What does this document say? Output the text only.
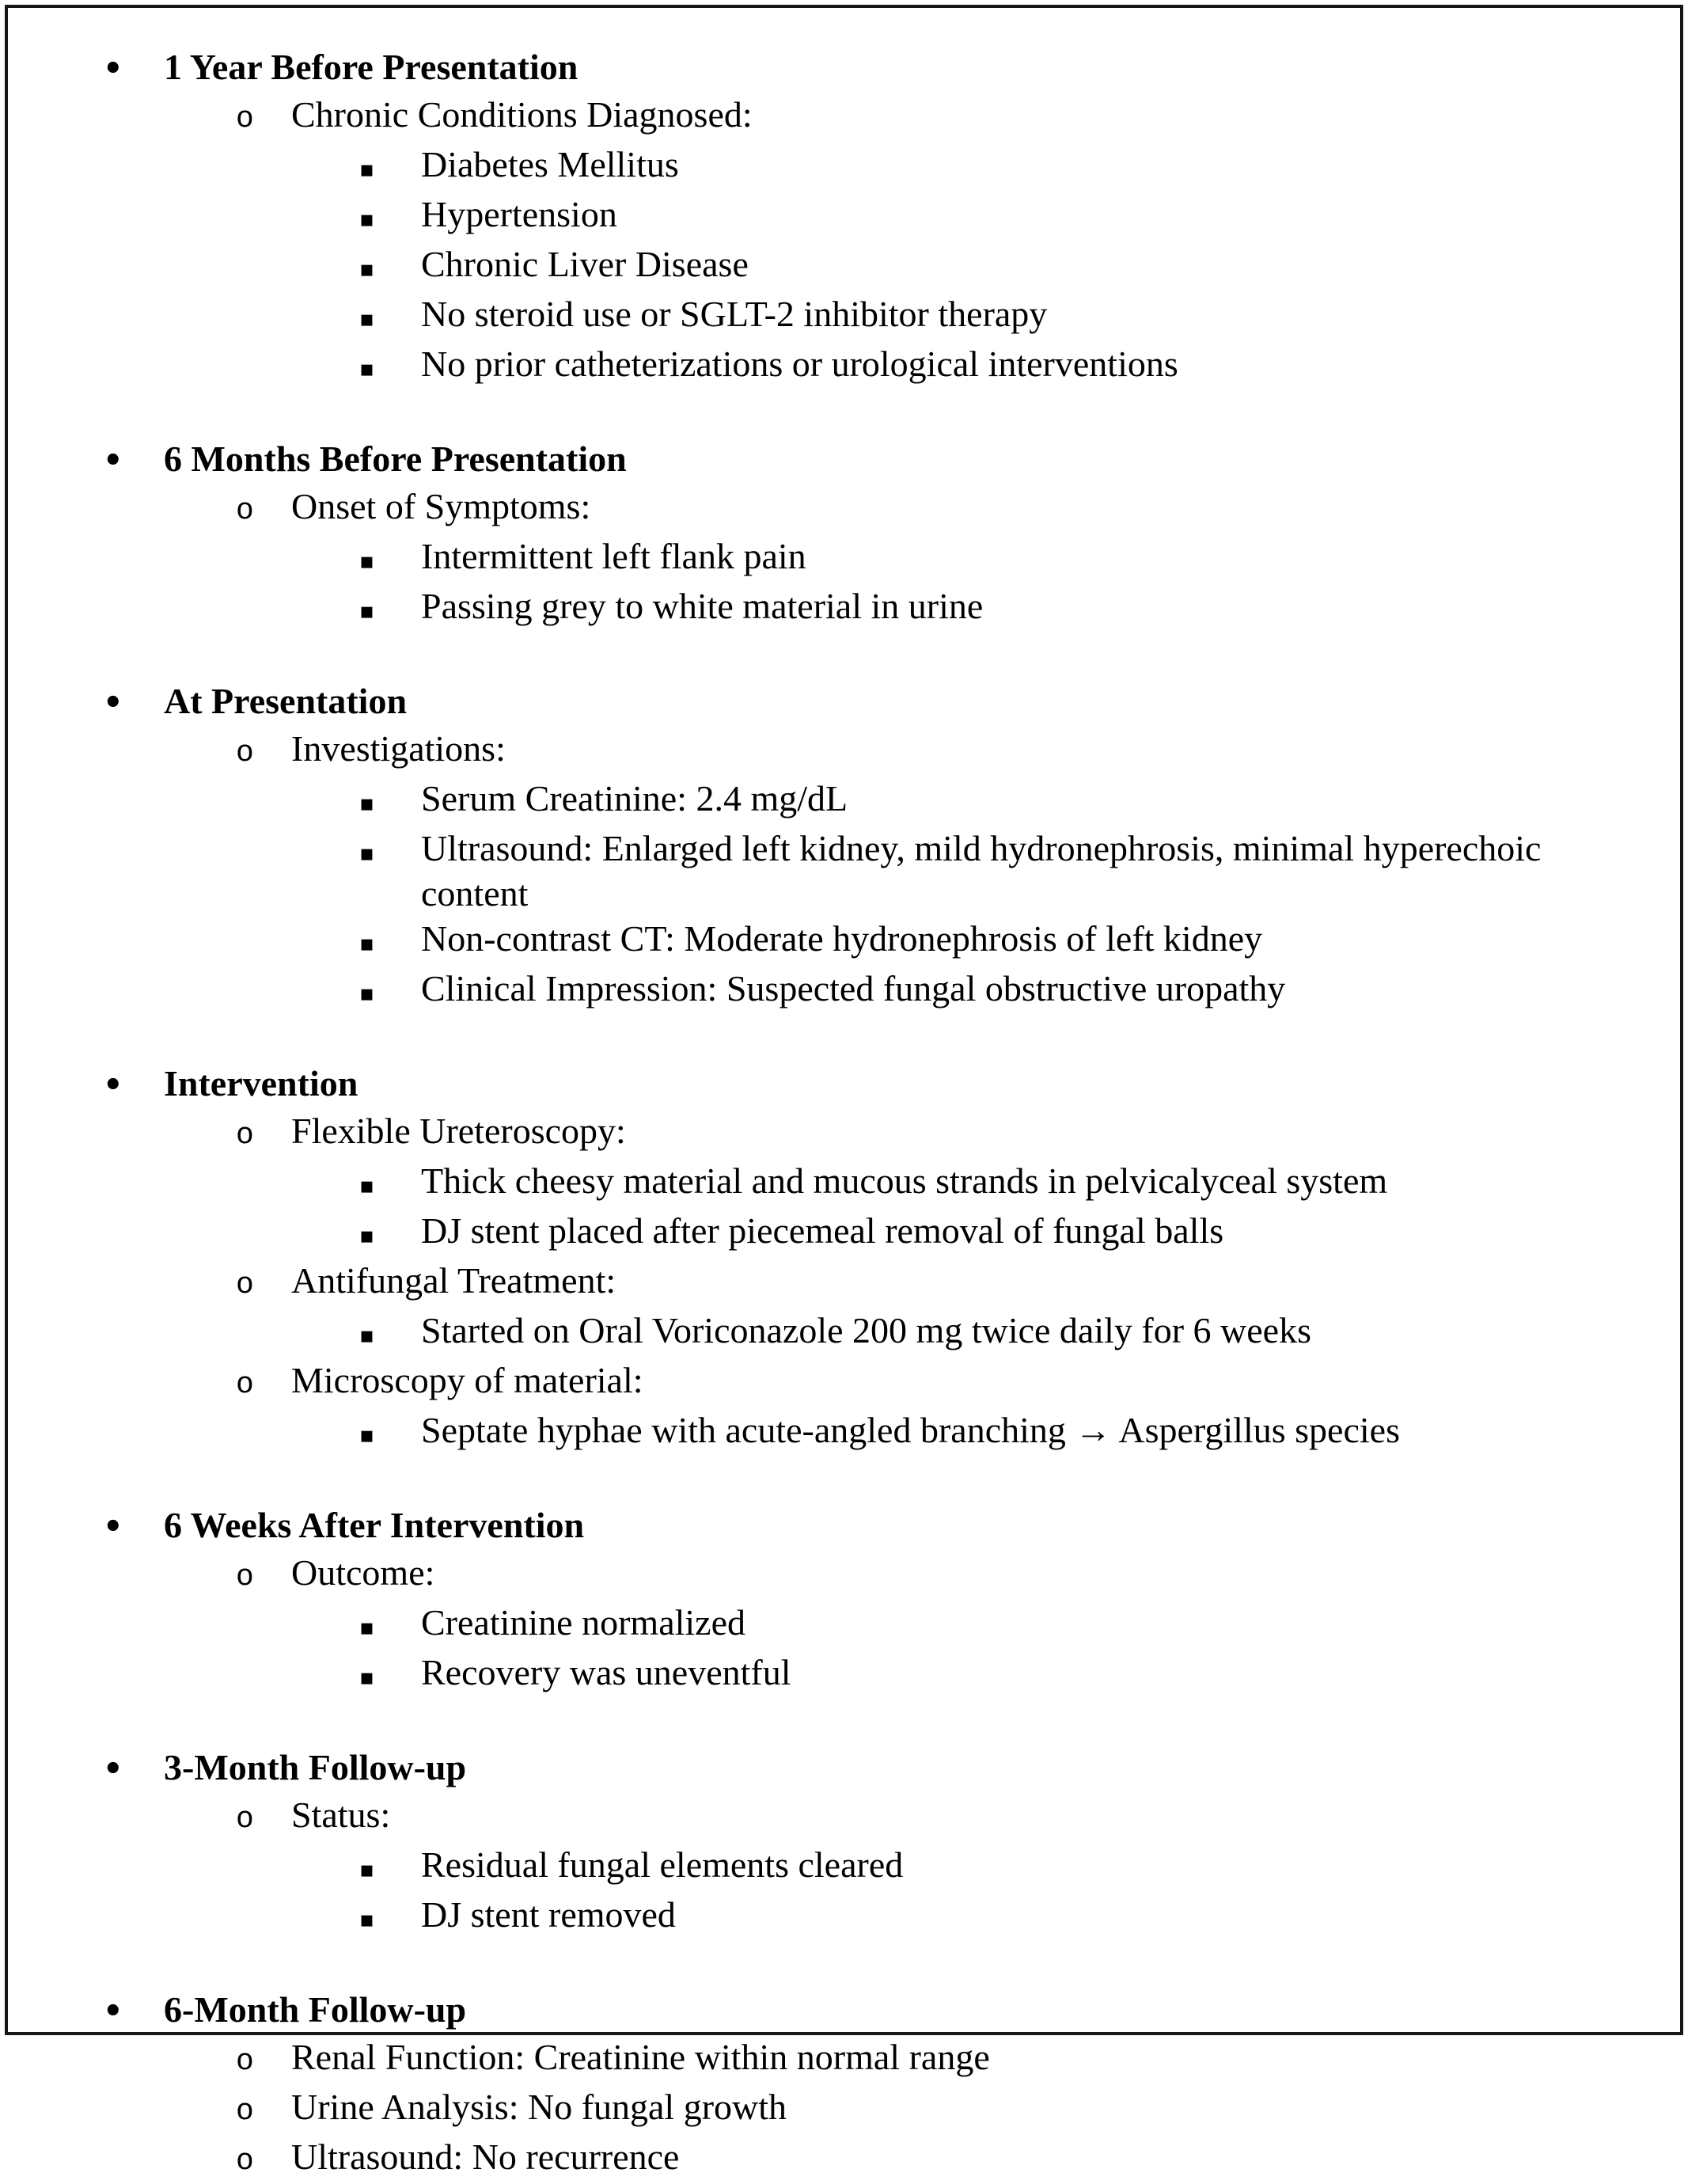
•	1 Year Before Presentation
o	Chronic Conditions Diagnosed:
▪	Diabetes Mellitus
▪	Hypertension
▪	Chronic Liver Disease
▪	No steroid use or SGLT-2 inhibitor therapy
▪	No prior catheterizations or urological interventions
•	6 Months Before Presentation
o	Onset of Symptoms:
▪	Intermittent left flank pain
▪	Passing grey to white material in urine
•	At Presentation
o	Investigations:
▪	Serum Creatinine: 2.4 mg/dL
▪	Ultrasound: Enlarged left kidney, mild hydronephrosis, minimal hyperechoic content
▪	Non-contrast CT: Moderate hydronephrosis of left kidney
▪	Clinical Impression: Suspected fungal obstructive uropathy
•	Intervention
o	Flexible Ureteroscopy:
▪	Thick cheesy material and mucous strands in pelvicalyceal system
▪	DJ stent placed after piecemeal removal of fungal balls
o	Antifungal Treatment:
▪	Started on Oral Voriconazole 200 mg twice daily for 6 weeks
o	Microscopy of material:
▪	Septate hyphae with acute-angled branching → Aspergillus species
•	6 Weeks After Intervention
o	Outcome:
▪	Creatinine normalized
▪	Recovery was uneventful
•	3-Month Follow-up
o	Status:
▪	Residual fungal elements cleared
▪	DJ stent removed
•	6-Month Follow-up
o	Renal Function: Creatinine within normal range
o	Urine Analysis: No fungal growth
o	Ultrasound: No recurrence
